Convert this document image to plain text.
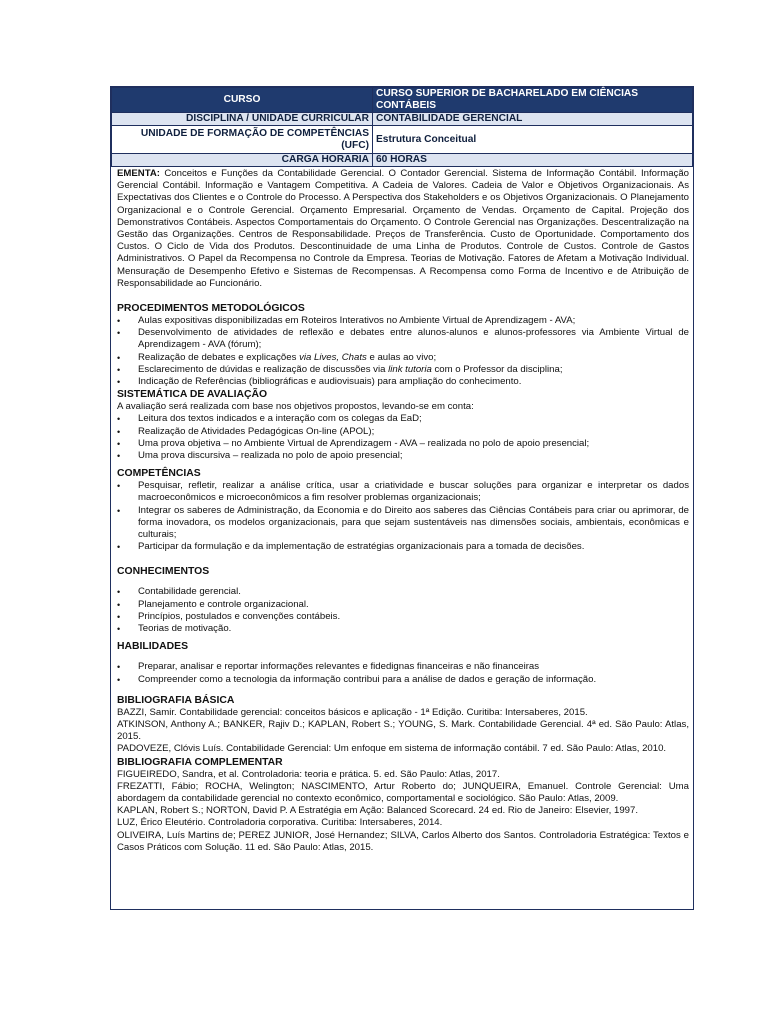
CURSO	CURSO SUPERIOR DE BACHARELADO EM CIÊNCIAS CONTÁBEIS
DISCIPLINA / UNIDADE CURRICULAR	CONTABILIDADE GERENCIAL

UNIDADE DE FORMAÇÃO DE COMPETÊNCIAS
(UFC)	Estrutura Conceitual
CARGA HORARIA	60 HORAS

EMENTA: Conceitos e Funções da Contabilidade Gerencial. O Contador Gerencial. Sistema de Informação Contábil. Informação Gerencial Contábil. Informação e Vantagem Competitiva. A Cadeia de Valores. Cadeia de Valor e Objetivos Organizacionais. As Expectativas dos Clientes e o Controle do Processo. A Perspectiva dos Stakeholders e os Objetivos Organizacionais. O Planejamento Organizacional e o Controle Gerencial. Orçamento Empresarial. Orçamento de Vendas. Orçamento de Capital. Projeção dos Demonstrativos Contábeis. Aspectos Comportamentais do Orçamento. O Controle Gerencial nas Organizações. Descentralização na Gestão das Organizações. Centros de Responsabilidade. Preços de Transferência. Custo de Oportunidade. Comportamento dos Custos. O Ciclo de Vida dos Produtos. Descontinuidade de uma Linha de Produtos. Controle de Custos. Controle de Gastos Administrativos. O Papel da Recompensa no Controle da Empresa. Teorias de Motivação. Fatores de Afetam a Motivação Individual. Mensuração de Desempenho Efetivo e Sistemas de Recompensas. A Recompensa como Forma de Incentivo e de Atribuição de Responsabilidade ao Funcionário.

PROCEDIMENTOS METODOLÓGICOS
• Aulas expositivas disponibilizadas em Roteiros Interativos no Ambiente Virtual de Aprendizagem - AVA;
• Desenvolvimento de atividades de reflexão e debates entre alunos-alunos e alunos-professores via Ambiente Virtual de Aprendizagem - AVA (fórum);
• Realização de debates e explicações via Lives, Chats e aulas ao vivo;
• Esclarecimento de dúvidas e realização de discussões via link tutoria com o Professor da disciplina;
• Indicação de Referências (bibliográficas e audiovisuais) para ampliação do conhecimento.
SISTEMÁTICA DE AVALIAÇÃO

A avaliação será realizada com base nos objetivos propostos, levando-se em conta:

• Leitura dos textos indicados e a interação com os colegas da EaD;
• Realização de Atividades Pedagógicas On-line (APOL);
• Uma prova objetiva – no Ambiente Virtual de Aprendizagem - AVA – realizada no polo de apoio presencial;
• Uma prova discursiva – realizada no polo de apoio presencial;
COMPETÊNCIAS
• Pesquisar, refletir, realizar a análise crítica, usar a criatividade e buscar soluções para organizar e interpretar os dados macroeconômicos e microeconômicos a fim resolver problemas organizacionais;
• Integrar os saberes de Administração, da Economia e do Direito aos saberes das Ciências Contábeis para criar ou aprimorar, de forma inovadora, os modelos organizacionais, para que sejam sustentáveis nas dimensões sociais, ambientais, econômicas e culturais;
• Participar da formulação e da implementação de estratégias organizacionais para a tomada de decisões.
CONHECIMENTOS
• Contabilidade gerencial.
• Planejamento e controle organizacional.
• Princípios, postulados e convenções contábeis.
• Teorias de motivação.
HABILIDADES
• Preparar, analisar e reportar informações relevantes e fidedignas financeiras e não financeiras
• Compreender como a tecnologia da informação contribui para a análise de dados e geração de informação.
BIBLIOGRAFIA BÁSICA

BAZZI, Samir. Contabilidade gerencial: conceitos básicos e aplicação - 1ª Edição. Curitiba: Intersaberes, 2015.

ATKINSON, Anthony A.; BANKER, Rajiv D.; KAPLAN, Robert S.; YOUNG, S. Mark. Contabilidade Gerencial. 4ª ed. São Paulo: Atlas, 2015.

PADOVEZE, Clóvis Luís. Contabilidade Gerencial: Um enfoque em sistema de informação contábil. 7 ed. São Paulo: Atlas, 2010.

BIBLIOGRAFIA COMPLEMENTAR

FIGUEIREDO, Sandra, et al. Controladoria: teoria e prática. 5. ed. São Paulo: Atlas, 2017.

FREZATTI, Fábio; ROCHA, Welington; NASCIMENTO, Artur Roberto do; JUNQUEIRA, Emanuel. Controle Gerencial: Uma abordagem da contabilidade gerencial no contexto econômico, comportamental e sociológico. São Paulo: Atlas, 2009.

KAPLAN, Robert S.; NORTON, David P. A Estratégia em Ação: Balanced Scorecard. 24 ed. Rio de Janeiro: Elsevier, 1997.

LUZ, Érico Eleutério. Controladoria corporativa. Curitiba: Intersaberes, 2014.

OLIVEIRA, Luís Martins de; PEREZ JUNIOR, José Hernandez; SILVA, Carlos Alberto dos Santos. Controladoria Estratégica: Textos e Casos Práticos com Solução. 11 ed. São Paulo: Atlas, 2015.
